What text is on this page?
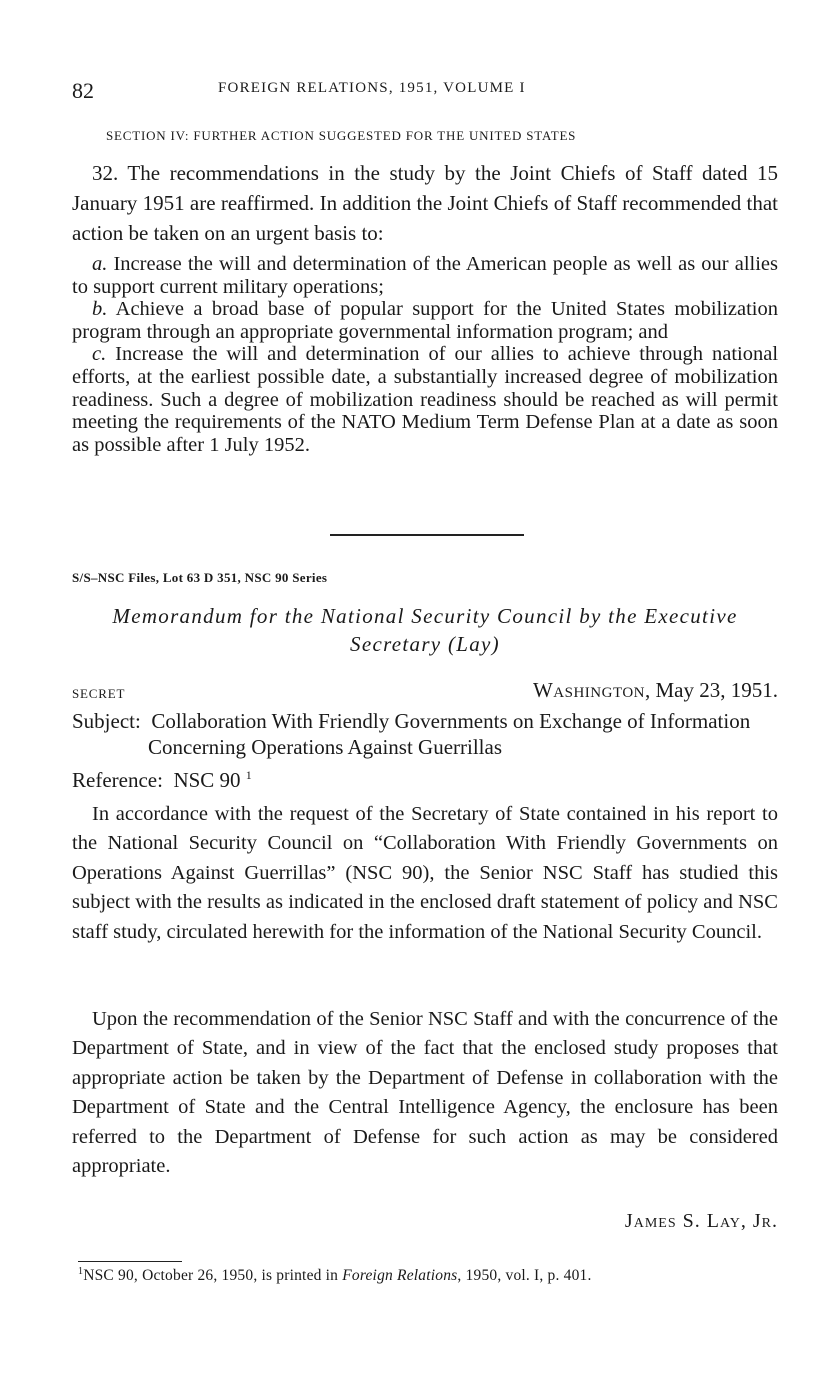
82	FOREIGN RELATIONS, 1951, VOLUME I
SECTION IV: FURTHER ACTION SUGGESTED FOR THE UNITED STATES

32. The recommendations in the study by the Joint Chiefs of Staff dated 15 January 1951 are reaffirmed. In addition the Joint Chiefs of Staff recommended that action be taken on an urgent basis to:

a. Increase the will and determination of the American people as well as our allies to support current military operations;

b. Achieve a broad base of popular support for the United States mobilization program through an appropriate governmental information program; and

c. Increase the will and determination of our allies to achieve through national efforts, at the earliest possible date, a substantially increased degree of mobilization readiness. Such a degree of mobilization readiness should be reached as will permit meeting the requirements of the NATO Medium Term Defense Plan at a date as soon as possible after 1 July 1952.

S/S–NSC Files, Lot 63 D 351, NSC 90 Series
Memorandum for the National Security Council by the Executive
Secretary (Lay)
SECRET	Washington, May 23, 1951.

Subject: Collaboration With Friendly Governments on Exchange of Information Concerning Operations Against Guerrillas

Reference: NSC 90 $^1$

In accordance with the request of the Secretary of State contained in his report to the National Security Council on “Collaboration With Friendly Governments on Operations Against Guerrillas” (NSC 90), the Senior NSC Staff has studied this subject with the results as indicated in the enclosed draft statement of policy and NSC staff study, circulated herewith for the information of the National Security Council.

Upon the recommendation of the Senior NSC Staff and with the concurrence of the Department of State, and in view of the fact that the enclosed study proposes that appropriate action be taken by the Department of Defense in collaboration with the Department of State and the Central Intelligence Agency, the enclosure has been referred to the Department of Defense for such action as may be considered appropriate.

James S. Lay, Jr.
$^1$NSC 90, October 26, 1950, is printed in Foreign Relations, 1950, vol. I, p. 401.
